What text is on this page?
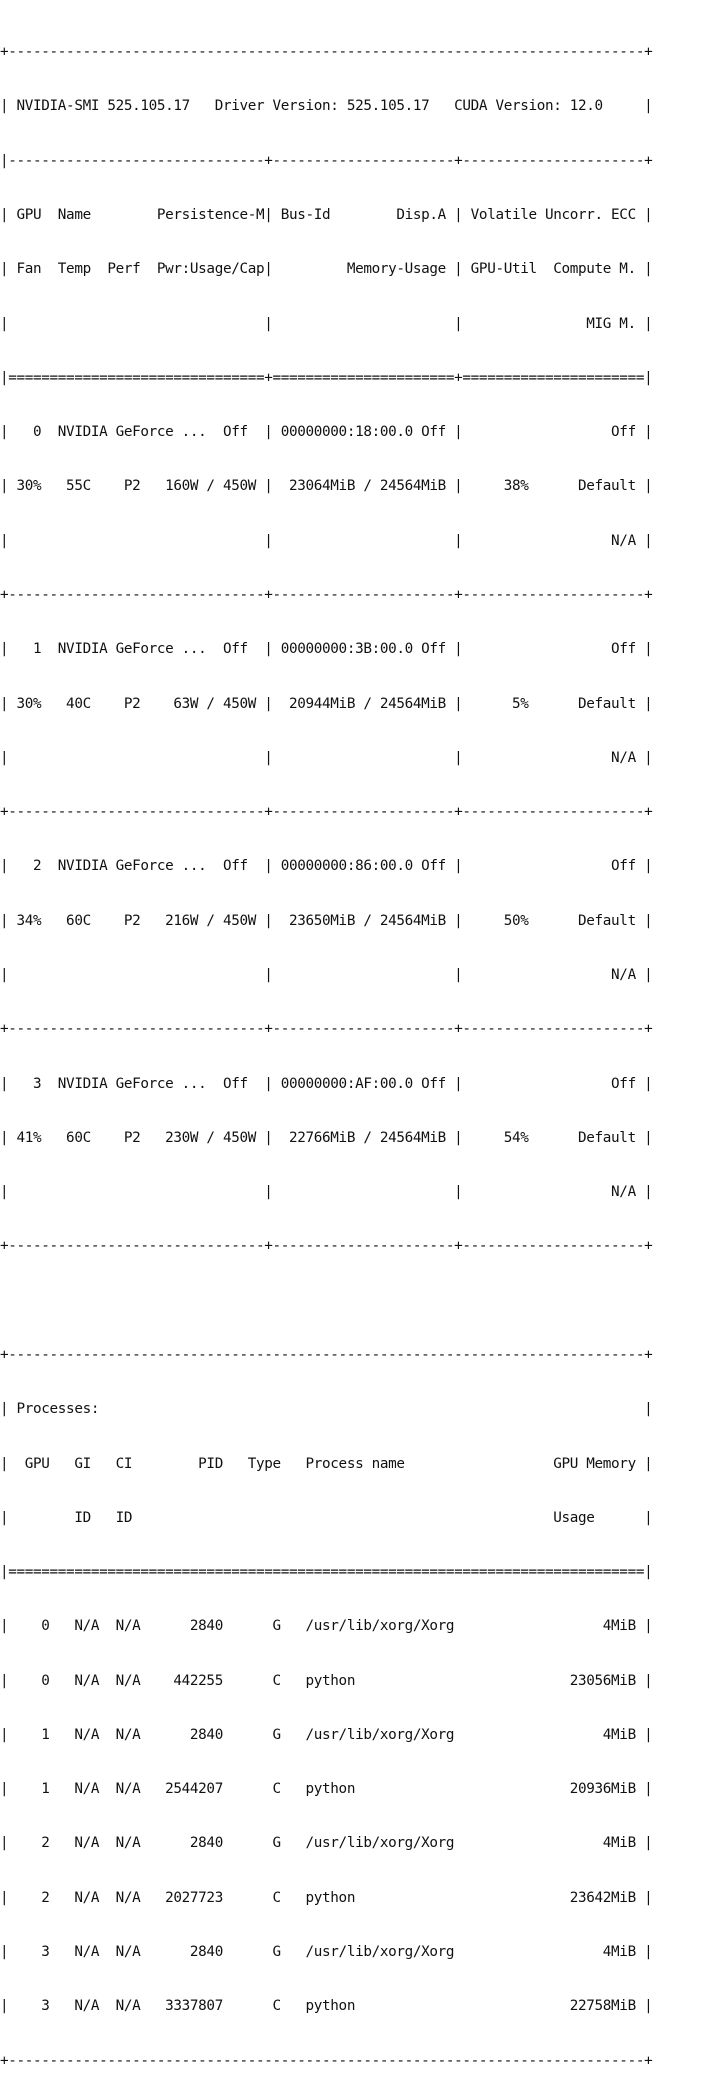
+-----------------------------------------------------------------------------+

| NVIDIA-SMI 525.105.17   Driver Version: 525.105.17   CUDA Version: 12.0     |

|-------------------------------+----------------------+----------------------+

| GPU  Name        Persistence-M| Bus-Id        Disp.A | Volatile Uncorr. ECC |

| Fan  Temp  Perf  Pwr:Usage/Cap|         Memory-Usage | GPU-Util  Compute M. |

|                               |                      |               MIG M. |

|===============================+======================+======================|

|   0  NVIDIA GeForce ...  Off  | 00000000:18:00.0 Off |                  Off |

| 30%   55C    P2   160W / 450W |  23064MiB / 24564MiB |     38%      Default |

|                               |                      |                  N/A |

+-------------------------------+----------------------+----------------------+

|   1  NVIDIA GeForce ...  Off  | 00000000:3B:00.0 Off |                  Off |

| 30%   40C    P2    63W / 450W |  20944MiB / 24564MiB |      5%      Default |

|                               |                      |                  N/A |

+-------------------------------+----------------------+----------------------+

|   2  NVIDIA GeForce ...  Off  | 00000000:86:00.0 Off |                  Off |

| 34%   60C    P2   216W / 450W |  23650MiB / 24564MiB |     50%      Default |

|                               |                      |                  N/A |

+-------------------------------+----------------------+----------------------+

|   3  NVIDIA GeForce ...  Off  | 00000000:AF:00.0 Off |                  Off |

| 41%   60C    P2   230W / 450W |  22766MiB / 24564MiB |     54%      Default |

|                               |                      |                  N/A |

+-------------------------------+----------------------+----------------------+

+-----------------------------------------------------------------------------+

| Processes:                                                                  |

|  GPU   GI   CI        PID   Type   Process name                  GPU Memory |

|        ID   ID                                                   Usage      |

|=============================================================================|

|    0   N/A  N/A      2840      G   /usr/lib/xorg/Xorg                  4MiB |

|    0   N/A  N/A    442255      C   python                          23056MiB |

|    1   N/A  N/A      2840      G   /usr/lib/xorg/Xorg                  4MiB |

|    1   N/A  N/A   2544207      C   python                          20936MiB |

|    2   N/A  N/A      2840      G   /usr/lib/xorg/Xorg                  4MiB |

|    2   N/A  N/A   2027723      C   python                          23642MiB |

|    3   N/A  N/A      2840      G   /usr/lib/xorg/Xorg                  4MiB |

|    3   N/A  N/A   3337807      C   python                          22758MiB |

+-----------------------------------------------------------------------------+
